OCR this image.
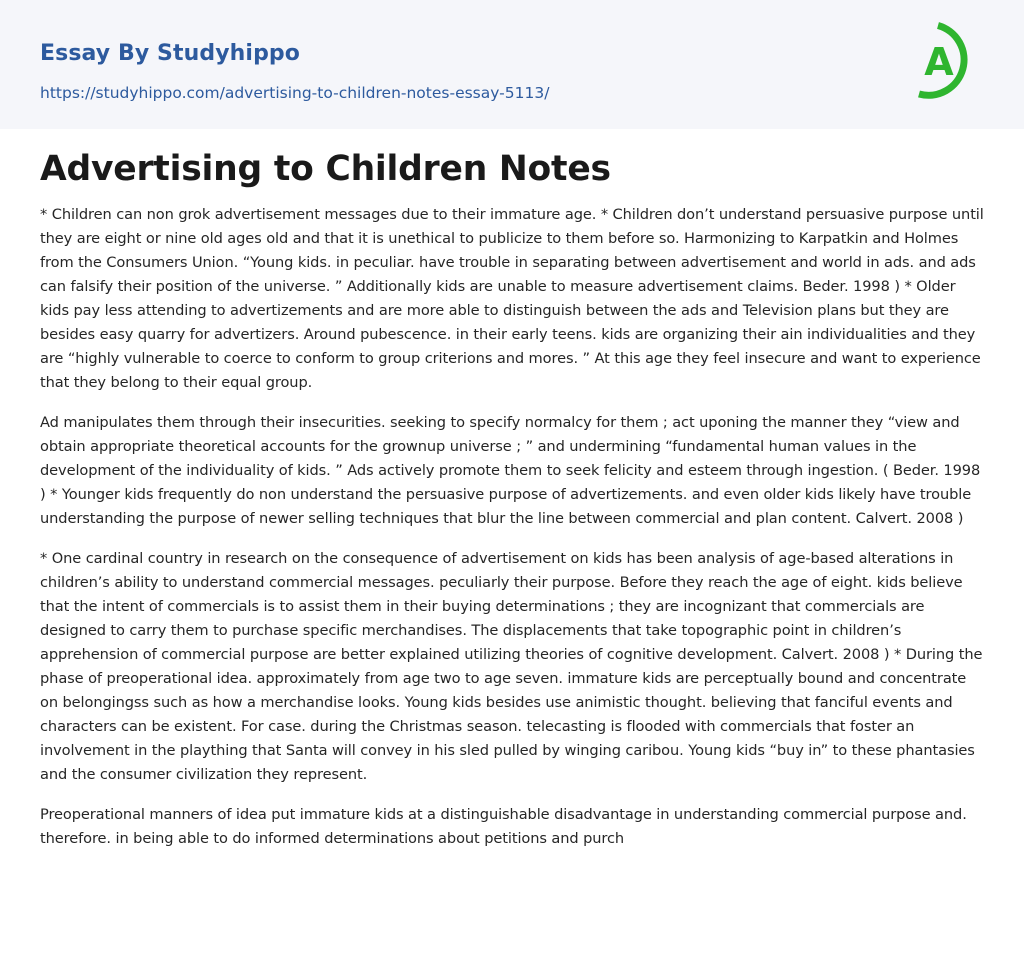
Essay By Studyhippo
https://studyhippo.com/advertising-to-children-notes-essay-5113/
A
Advertising to Children Notes

* Children can non grok advertisement messages due to their immature age. * Children don’t understand persuasive purpose until they are eight or nine old ages old and that it is unethical to publicize to them before so. Harmonizing to Karpatkin and Holmes from the Consumers Union. “Young kids. in peculiar. have trouble in separating between advertisement and world in ads. and ads can falsify their position of the universe. ” Additionally kids are unable to measure advertisement claims. Beder. 1998 ) * Older kids pay less attending to advertizements and are more able to distinguish between the ads and Television plans but they are besides easy quarry for advertizers. Around pubescence. in their early teens. kids are organizing their ain individualities and they are “highly vulnerable to coerce to conform to group criterions and mores. ” At this age they feel insecure and want to experience that they belong to their equal group.

Ad manipulates them through their insecurities. seeking to specify normalcy for them ; act uponing the manner they “view and obtain appropriate theoretical accounts for the grownup universe ; ” and undermining “fundamental human values in the development of the individuality of kids. ” Ads actively promote them to seek felicity and esteem through ingestion. ( Beder. 1998 ) * Younger kids frequently do non understand the persuasive purpose of advertizements. and even older kids likely have trouble understanding the purpose of newer selling techniques that blur the line between commercial and plan content. Calvert. 2008 )

* One cardinal country in research on the consequence of advertisement on kids has been analysis of age-based alterations in children’s ability to understand commercial messages. peculiarly their purpose. Before they reach the age of eight. kids believe that the intent of commercials is to assist them in their buying determinations ; they are incognizant that commercials are designed to carry them to purchase specific merchandises. The displacements that take topographic point in children’s apprehension of commercial purpose are better explained utilizing theories of cognitive development. Calvert. 2008 ) * During the phase of preoperational idea. approximately from age two to age seven. immature kids are perceptually bound and concentrate on belongingss such as how a merchandise looks. Young kids besides use animistic thought. believing that fanciful events and characters can be existent. For case. during the Christmas season. telecasting is flooded with commercials that foster an involvement in the plaything that Santa will convey in his sled pulled by winging caribou. Young kids “buy in” to these phantasies and the consumer civilization they represent.

Preoperational manners of idea put immature kids at a distinguishable disadvantage in understanding commercial purpose and. therefore. in being able to do informed determinations about petitions and purch
